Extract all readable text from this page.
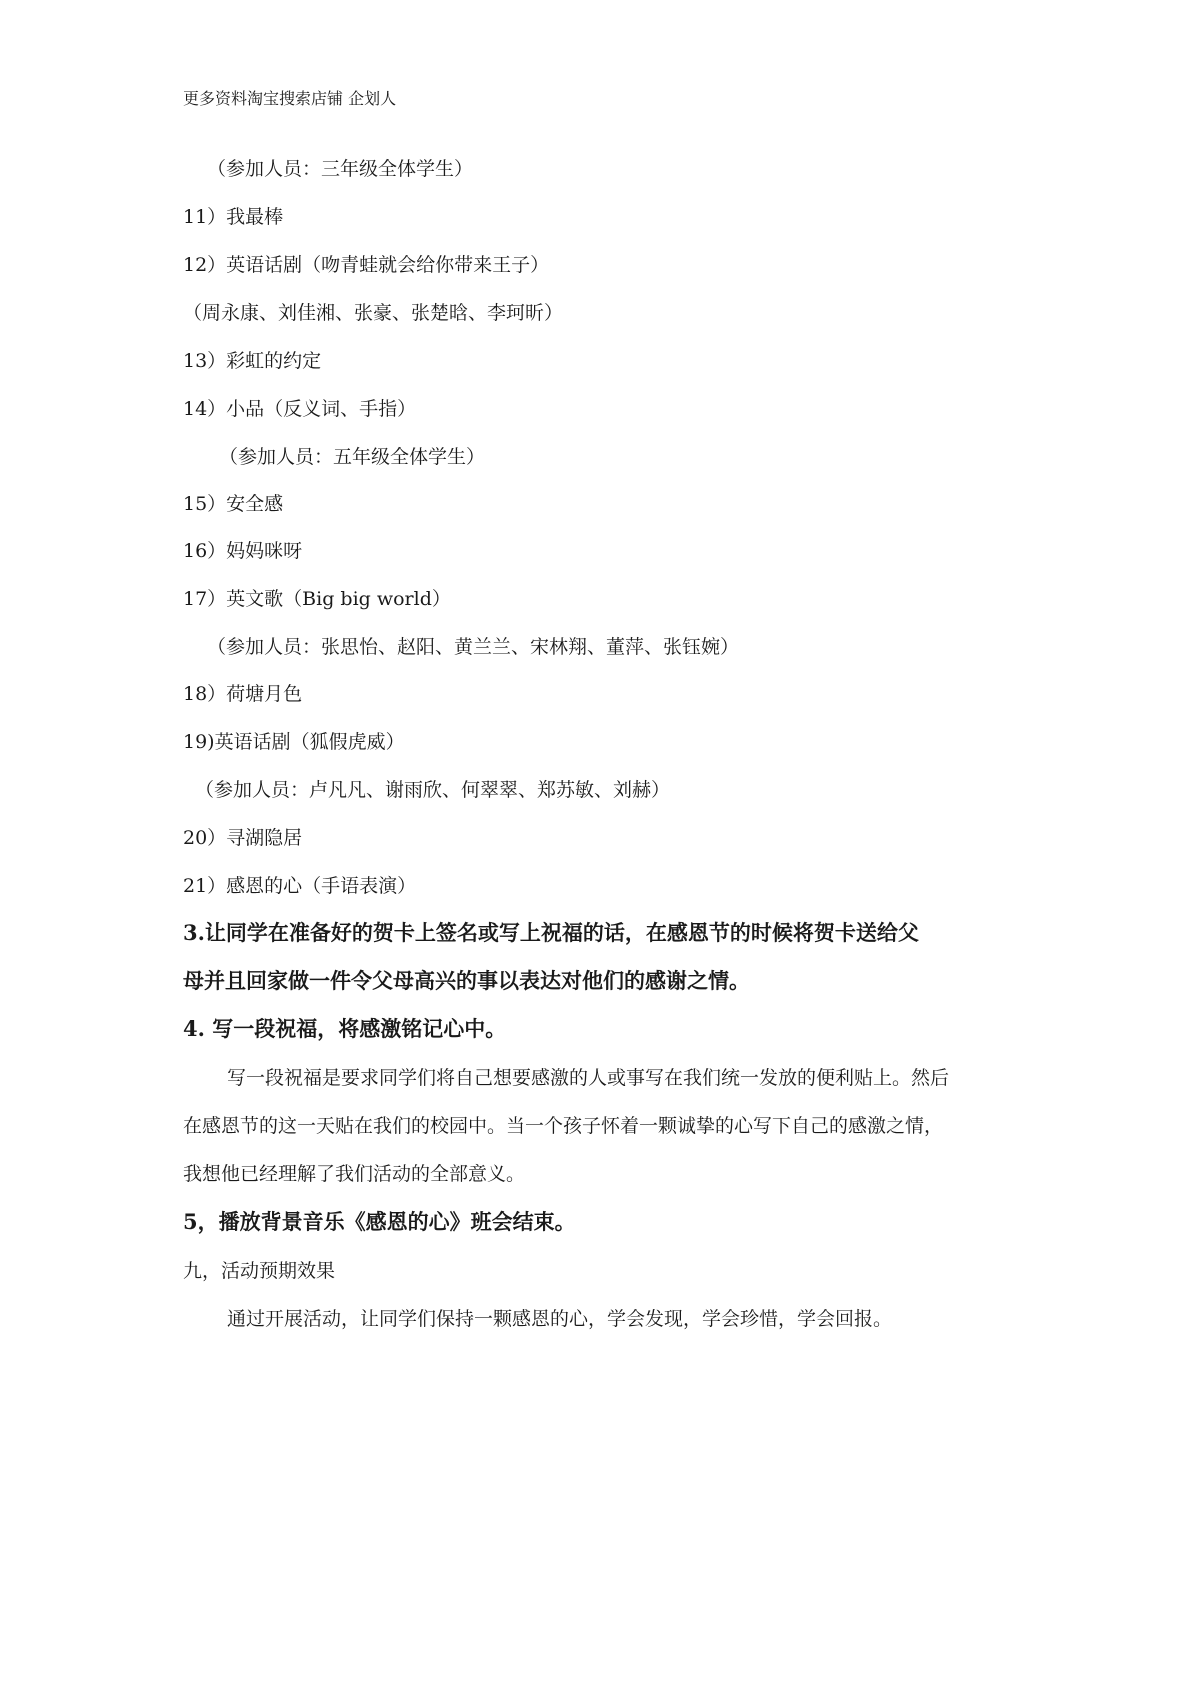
更多资料淘宝搜索店铺 企划人
（参加人员：三年级全体学生）
11）我最棒
12）英语话剧（吻青蛙就会给你带来王子）
（周永康、刘佳湘、张豪、张楚晗、李珂昕）
13）彩虹的约定
14）小品（反义词、手指）
（参加人员：五年级全体学生）
15）安全感
16）妈妈咪呀
17）英文歌（Big big world）
（参加人员：张思怡、赵阳、黄兰兰、宋林翔、董萍、张钰婉）
18）荷塘月色
19)英语话剧（狐假虎威）
（参加人员：卢凡凡、谢雨欣、何翠翠、郑苏敏、刘赫）
20）寻湖隐居
21）感恩的心（手语表演）
3.让同学在准备好的贺卡上签名或写上祝福的话，在感恩节的时候将贺卡送给父
母并且回家做一件令父母高兴的事以表达对他们的感谢之情。
4. 写一段祝福，将感激铭记心中。
写一段祝福是要求同学们将自己想要感激的人或事写在我们统一发放的便利贴上。然后
在感恩节的这一天贴在我们的校园中。当一个孩子怀着一颗诚挚的心写下自己的感激之情，
我想他已经理解了我们活动的全部意义。
5，播放背景音乐《感恩的心》班会结束。
九，活动预期效果
通过开展活动，让同学们保持一颗感恩的心，学会发现，学会珍惜，学会回报。
